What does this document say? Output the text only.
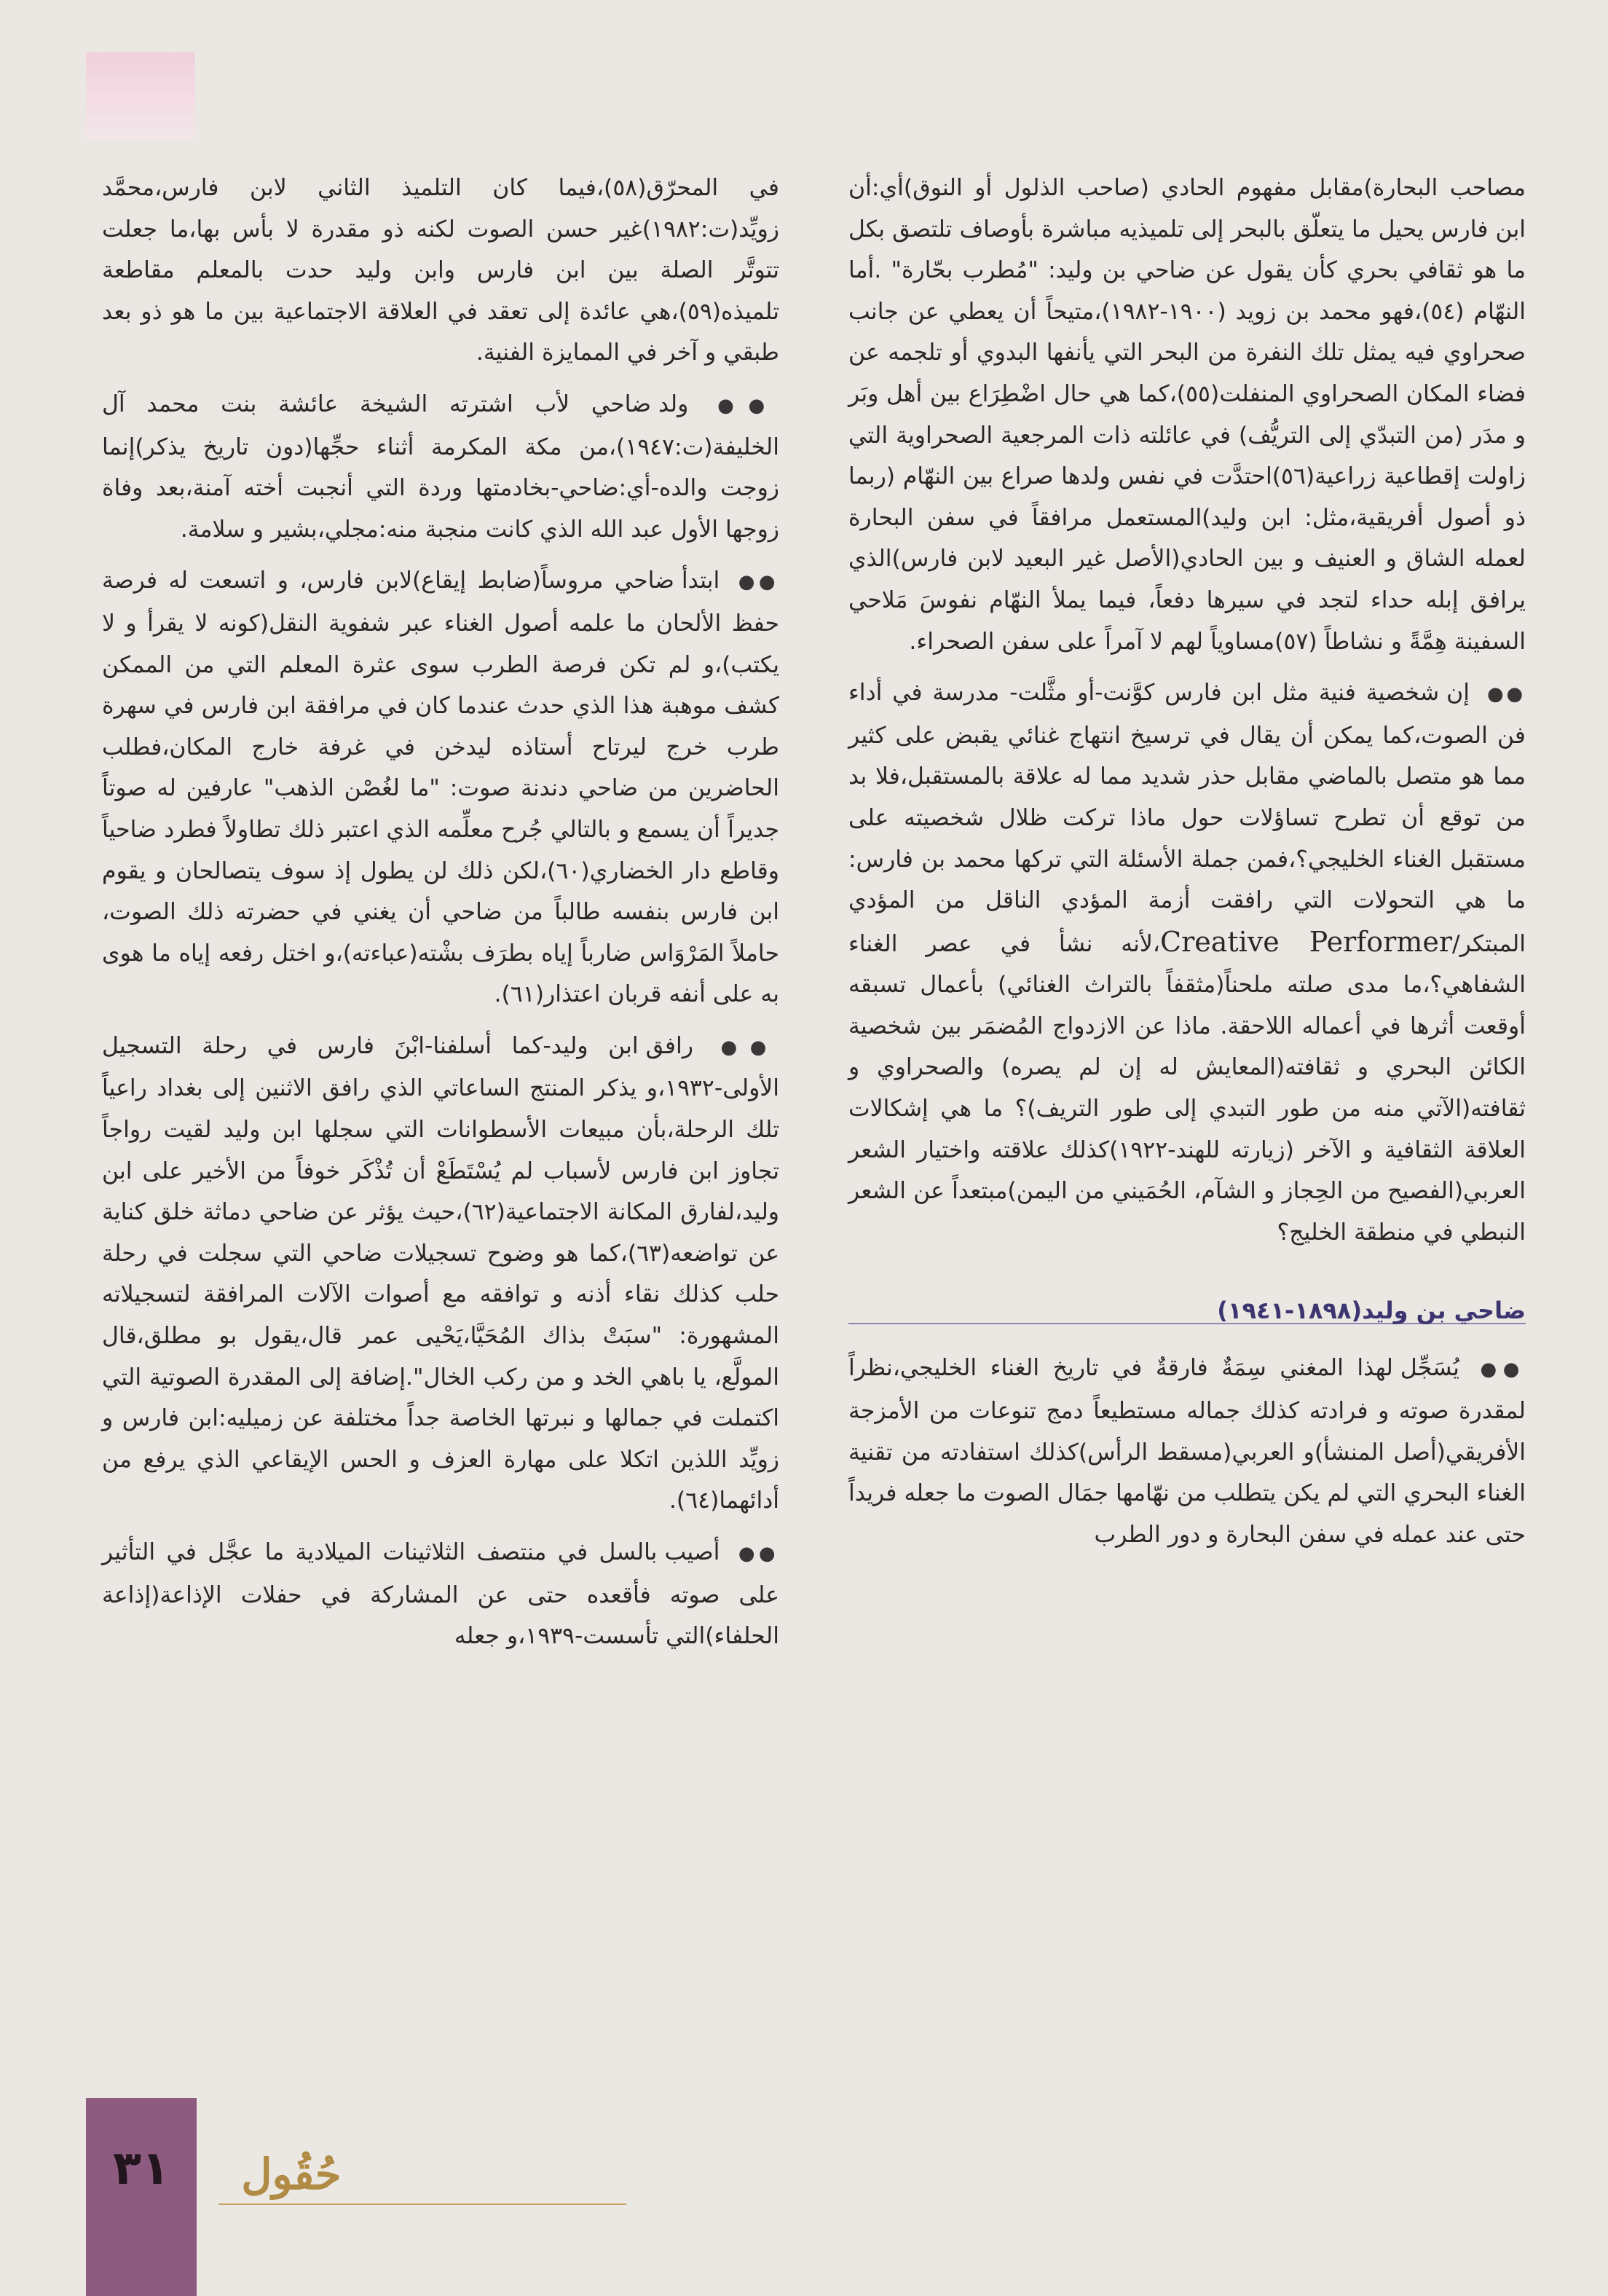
مصاحب البحارة)مقابل مفهوم الحادي (صاحب الذلول أو النوق)أي:أن ابن فارس يحيل ما يتعلّق بالبحر إلى تلميذيه مباشرة بأوصاف تلتصق بكل ما هو ثقافي بحري كأن يقول عن ضاحي بن وليد: "مُطرب بحّارة" .أما النهّام (٥٤)،فهو محمد بن زويد (١٩٠٠-١٩٨٢)،متيحاً أن يعطي عن جانب صحراوي فيه يمثل تلك النفرة من البحر التي يأنفها البدوي أو تلجمه عن فضاء المكان الصحراوي المنفلت(٥٥)،كما هي حال اضْطِرَاع بين أهل وبَر و مدَر (من التبدّي إلى التريُّف) في عائلته ذات المرجعية الصحراوية التي زاولت إقطاعية زراعية(٥٦)احتدَّت في نفس ولدها صراع بين النهّام (ربما ذو أصول أفريقية،مثل: ابن وليد)المستعمل مرافقاً في سفن البحارة لعمله الشاق و العنيف و بين الحادي(الأصل غير البعيد لابن فارس)الذي يرافق إبله حداء لتجد في سيرها دفعاً، فيما يملأ النهّام نفوسَ مَلاحي السفينة هِمَّةً و نشاطاً (٥٧)مساوياً لهم لا آمراً على سفن الصحراء.

●● إن شخصية فنية مثل ابن فارس كوَّنت-أو مثَّلت- مدرسة في أداء فن الصوت،كما يمكن أن يقال في ترسيخ انتهاج غنائي يقبض على كثير مما هو متصل بالماضي مقابل حذر شديد مما له علاقة بالمستقبل،فلا بد من توقع أن تطرح تساؤلات حول ماذا تركت ظلال شخصيته على مستقبل الغناء الخليجي؟،فمن جملة الأسئلة التي تركها محمد بن فارس: ما هي التحولات التي رافقت أزمة المؤدي الناقل من المؤدي المبتكر/Creative Performer،لأنه نشأ في عصر الغناء الشفاهي؟،ما مدى صلته ملحناً(مثقفاً بالتراث الغنائي) بأعمال تسبقه أوقعت أثرها في أعماله اللاحقة. ماذا عن الازدواج المُضمَر بين شخصية الكائن البحري و ثقافته(المعايش له إن لم يصره) والصحراوي و ثقافته(الآتي منه من طور التبدي إلى طور التريف)؟ ما هي إشكالات العلاقة الثقافية و الآخر (زيارته للهند-١٩٢٢)كذلك علاقته واختيار الشعر العربي(الفصيح من الحِجاز و الشآم، الحُمَيني من اليمن)مبتعداً عن الشعر النبطي في منطقة الخليج؟

ضاحي بن وليد(١٨٩٨-١٩٤١)

●● يُسَجِّل لهذا المغني سِمَةٌ فارقةٌ في تاريخ الغناء الخليجي،نظراً لمقدرة صوته و فرادته كذلك جماله مستطيعاً دمج تنوعات من الأمزجة الأفريقي(أصل المنشأ)و العربي(مسقط الرأس)كذلك استفادته من تقنية الغناء البحري التي لم يكن يتطلب من نهّامها جمَال الصوت ما جعله فريداً حتى عند عمله في سفن البحارة و دور الطرب

في المحرّق(٥٨)،فيما كان التلميذ الثاني لابن فارس،محمَّد زويِّد(ت:١٩٨٢)غير حسن الصوت لكنه ذو مقدرة لا بأس بها،ما جعلت تتوتَّر الصلة بين ابن فارس وابن وليد حدت بالمعلم مقاطعة تلميذه(٥٩)،هي عائدة إلى تعقد في العلاقة الاجتماعية بين ما هو ذو بعد طبقي و آخر في الممايزة الفنية.

●● ولد ضاحي لأب اشترته الشيخة عائشة بنت محمد آل الخليفة(ت:١٩٤٧)،من مكة المكرمة أثناء حجِّها(دون تاريخ يذكر)إنما زوجت والده-أي:ضاحي-بخادمتها وردة التي أنجبت أخته آمنة،بعد وفاة زوجها الأول عبد الله الذي كانت منجبة منه:مجلي،بشير و سلامة.

●● ابتدأ ضاحي مروساً(ضابط إيقاع)لابن فارس، و اتسعت له فرصة حفظ الألحان ما علمه أصول الغناء عبر شفوية النقل(كونه لا يقرأ و لا يكتب)،و لم تكن فرصة الطرب سوى عثرة المعلم التي من الممكن كشف موهبة هذا الذي حدث عندما كان في مرافقة ابن فارس في سهرة طرب خرج ليرتاح أستاذه ليدخن في غرفة خارج المكان،فطلب الحاضرين من ضاحي دندنة صوت: "ما لغُصْن الذهب" عارفين له صوتاً جديراً أن يسمع و بالتالي جُرح معلِّمه الذي اعتبر ذلك تطاولاً فطرد ضاحياً وقاطع دار الخضاري(٦٠)،لكن ذلك لن يطول إذ سوف يتصالحان و يقوم ابن فارس بنفسه طالباً من ضاحي أن يغني في حضرته ذلك الصوت، حاملاً المَرْوَاس ضارباً إياه بطرَف بشْته(عباءته)،و اختل رفعه إياه ما هوى به على أنفه قربان اعتذار(٦١).

●● رافق ابن وليد-كما أسلفنا-ابْنَ فارس في رحلة التسجيل الأولى-١٩٣٢،و يذكر المنتج الساعاتي الذي رافق الاثنين إلى بغداد راعياً تلك الرحلة،بأن مبيعات الأسطوانات التي سجلها ابن وليد لقيت رواجاً تجاوز ابن فارس لأسباب لم يُسْتَطَعْ أن تُذْكَر خوفاً من الأخير على ابن وليد،لفارق المكانة الاجتماعية(٦٢)،حيث يؤثر عن ضاحي دماثة خلق كناية عن تواضعه(٦٣)،كما هو وضوح تسجيلات ضاحي التي سجلت في رحلة حلب كذلك نقاء أذنه و توافقه مع أصوات الآلات المرافقة لتسجيلاته المشهورة: "سبَتْ بذاك المُحَيَّا،يَحْيى عمر قال،يقول بو مطلق،قال المولَّع، يا باهي الخد و من ركب الخال".إضافة إلى المقدرة الصوتية التي اكتملت في جمالها و نبرتها الخاصة جداً مختلفة عن زميليه:ابن فارس و زويِّد اللذين اتكلا على مهارة العزف و الحس الإيقاعي الذي يرفع من أدائهما(٦٤).

●● أصيب بالسل في منتصف الثلاثينات الميلادية ما عجَّل في التأثير على صوته فأقعده حتى عن المشاركة في حفلات الإذاعة(إذاعة الحلفاء)التي تأسست-١٩٣٩،و جعله

٣١	حُقُول
